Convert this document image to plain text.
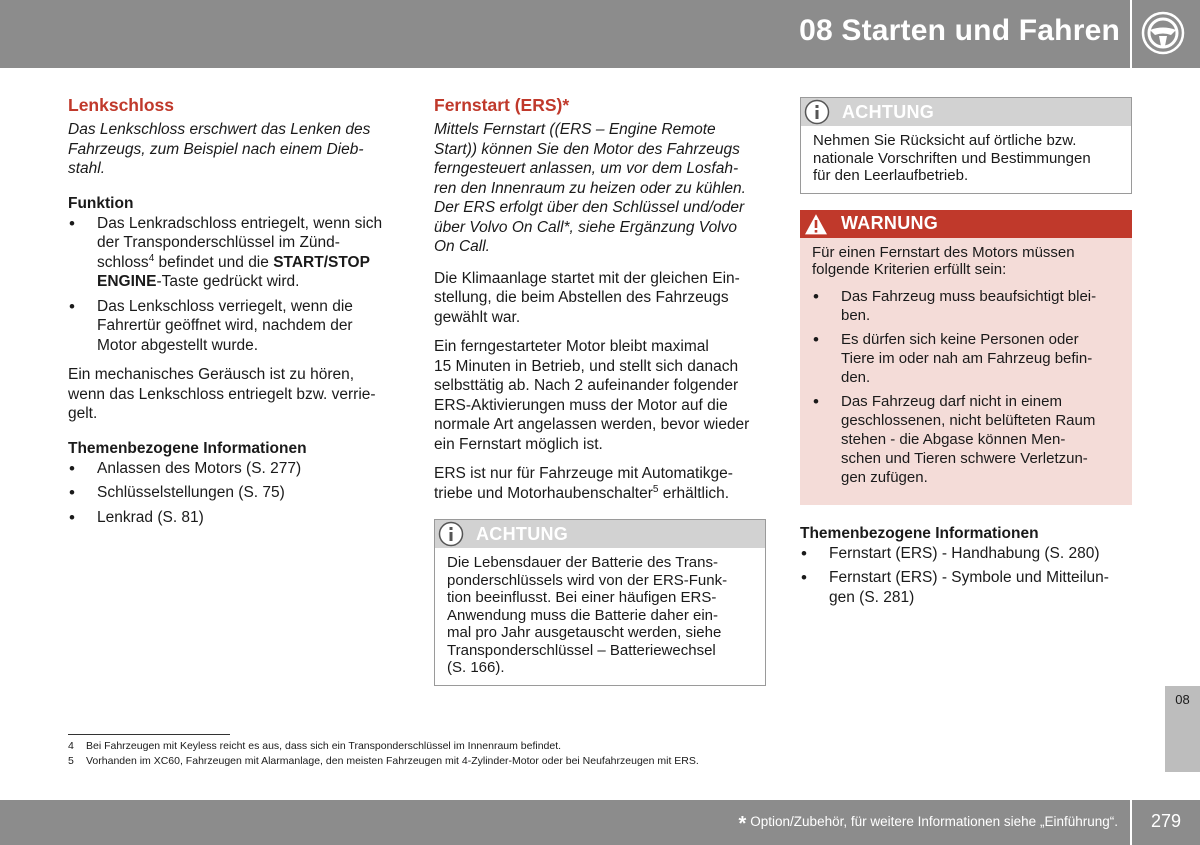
08 Starten und Fahren
Lenkschloss

Das Lenkschloss erschwert das Lenken des
Fahrzeugs, zum Beispiel nach einem Dieb-
stahl.

Funktion
• Das Lenkradschloss entriegelt, wenn sich
der Transponderschlüssel im Zünd-
schloss$^4$ befindet und die START/STOP
ENGINE-Taste gedrückt wird.
• Das Lenkschloss verriegelt, wenn die
Fahrertür geöffnet wird, nachdem der
Motor abgestellt wurde.

Ein mechanisches Geräusch ist zu hören,
wenn das Lenkschloss entriegelt bzw. verrie-
gelt.

Themenbezogene Informationen
• Anlassen des Motors (S. 277)
• Schlüsselstellungen (S. 75)
• Lenkrad (S. 81)
Fernstart (ERS)*

Mittels Fernstart ((ERS – Engine Remote
Start)) können Sie den Motor des Fahrzeugs
ferngesteuert anlassen, um vor dem Losfah-
ren den Innenraum zu heizen oder zu kühlen.
Der ERS erfolgt über den Schlüssel und/oder
über Volvo On Call*, siehe Ergänzung Volvo
On Call.

Die Klimaanlage startet mit der gleichen Ein-
stellung, die beim Abstellen des Fahrzeugs
gewählt war.

Ein ferngestarteter Motor bleibt maximal
15 Minuten in Betrieb, und stellt sich danach
selbsttätig ab. Nach 2 aufeinander folgender
ERS-Aktivierungen muss der Motor auf die
normale Art angelassen werden, bevor wieder
ein Fernstart möglich ist.

ERS ist nur für Fahrzeuge mit Automatikge-
triebe und Motorhaubenschalter$^5$ erhältlich.

ACHTUNG
Die Lebensdauer der Batterie des Trans-
ponderschlüssels wird von der ERS-Funk-
tion beeinflusst. Bei einer häufigen ERS-
Anwendung muss die Batterie daher ein-
mal pro Jahr ausgetauscht werden, siehe
Transponderschlüssel – Batteriewechsel
(S. 166).
ACHTUNG
Nehmen Sie Rücksicht auf örtliche bzw.
nationale Vorschriften und Bestimmungen
für den Leerlaufbetrieb.
WARNUNG

Für einen Fernstart des Motors müssen
folgende Kriterien erfüllt sein:

• Das Fahrzeug muss beaufsichtigt blei-
ben.
• Es dürfen sich keine Personen oder
Tiere im oder nah am Fahrzeug befin-
den.
• Das Fahrzeug darf nicht in einem
geschlossenen, nicht belüfteten Raum
stehen - die Abgase können Men-
schen und Tieren schwere Verletzun-
gen zufügen.
Themenbezogene Informationen
• Fernstart (ERS) - Handhabung (S. 280)
• Fernstart (ERS) - Symbole und Mitteilun-
gen (S. 281)
4 Bei Fahrzeugen mit Keyless reicht es aus, dass sich ein Transponderschlüssel im Innenraum befindet.
5 Vorhanden im XC60, Fahrzeugen mit Alarmanlage, den meisten Fahrzeugen mit 4-Zylinder-Motor oder bei Neufahrzeugen mit ERS.
08
* Option/Zubehör, für weitere Informationen siehe „Einführung“.	279
